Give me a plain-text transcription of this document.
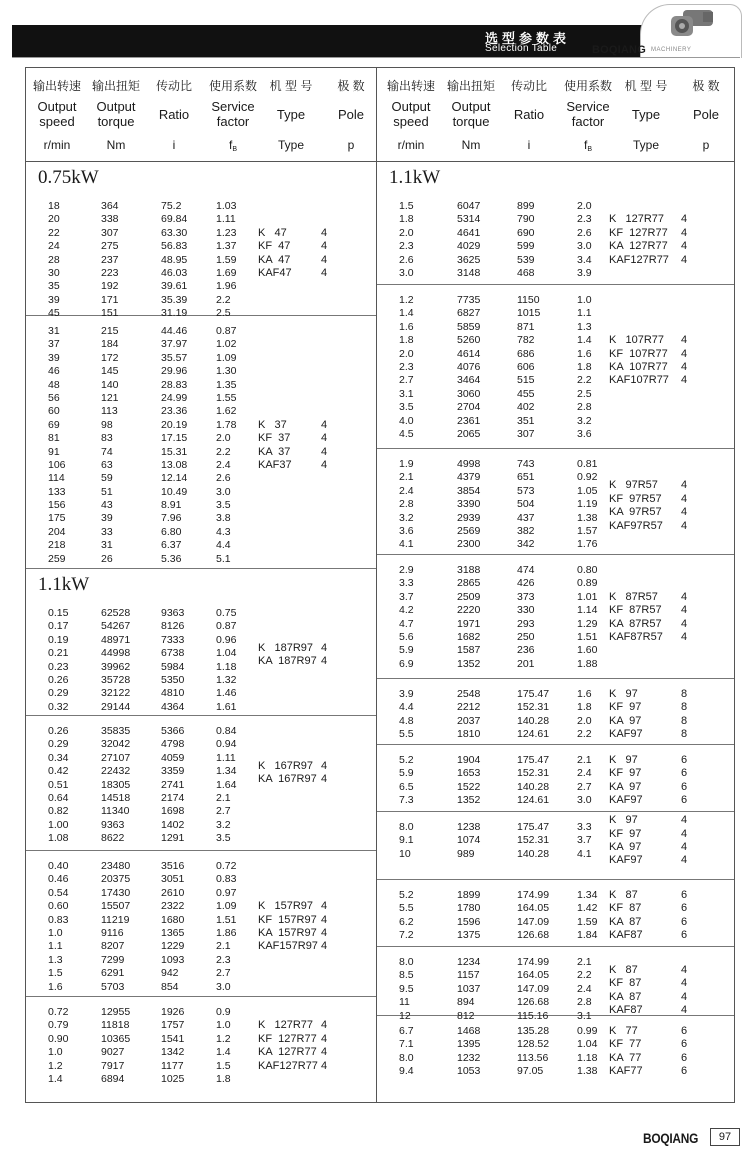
选型参数表
Selection Table	BOQIANG MACHINERY
输出转速
Output
speed
r/min
输出扭矩
Output
torque
Nm
传动比
Ratio
i
使用系数
Service
factor
$f_B$
机 型 号
Type
Type
极 数
Pole
p
输出转速
Output
speed
r/min
输出扭矩
Output
torque
Nm
传动比
Ratio
i
使用系数
Service
factor
$f_B$
机 型 号
Type
Type
极 数
Pole
p
0.75kW
18	364	75.2	1.03
20	338	69.84	1.11
22	307	63.30	1.23
24	275	56.83	1.37
28	237	48.95	1.59
30	223	46.03	1.69
35	192	39.61	1.96
39	171	35.39	2.2
45	151	31.19	2.5
K   47	4
KF  47	4
KA  47	4
KAF47	4
31	215	44.46	0.87
37	184	37.97	1.02
39	172	35.57	1.09
46	145	29.96	1.30
48	140	28.83	1.35
56	121	24.99	1.55
60	113	23.36	1.62
69	98	20.19	1.78
81	83	17.15	2.0
91	74	15.31	2.2
106	63	13.08	2.4
114	59	12.14	2.6
133	51	10.49	3.0
156	43	8.91	3.5
175	39	7.96	3.8
204	33	6.80	4.3
218	31	6.37	4.4
259	26	5.36	5.1
K   37	4
KF  37	4
KA  37	4
KAF37	4
1.1kW
0.15	62528	9363	0.75
0.17	54267	8126	0.87
0.19	48971	7333	0.96
0.21	44998	6738	1.04
0.23	39962	5984	1.18
0.26	35728	5350	1.32
0.29	32122	4810	1.46
0.32	29144	4364	1.61
K   187R97 4
KA  187R97 4
0.26	35835	5366	0.84
0.29	32042	4798	0.94
0.34	27107	4059	1.11
0.42	22432	3359	1.34
0.51	18305	2741	1.64
0.64	14518	2174	2.1
0.82	11340	1698	2.7
1.00	9363	1402	3.2
1.08	8622	1291	3.5
K   167R97 4
KA  167R97 4
0.40	23480	3516	0.72
0.46	20375	3051	0.83
0.54	17430	2610	0.97
0.60	15507	2322	1.09
0.83	11219	1680	1.51
1.0	9116	1365	1.86
1.1	8207	1229	2.1
1.3	7299	1093	2.3
1.5	6291	942	2.7
1.6	5703	854	3.0
K   157R97 4
KF  157R97 4
KA  157R97 4
KAF157R97 4
0.72	12955	1926	0.9
0.79	11818	1757	1.0
0.90	10365	1541	1.2
1.0	9027	1342	1.4
1.2	7917	1177	1.5
1.4	6894	1025	1.8
K   127R77 4
KF  127R77 4
KA  127R77 4
KAF127R77 4
1.1kW
1.5	6047	899	2.0
1.8	5314	790	2.3
2.0	4641	690	2.6
2.3	4029	599	3.0
2.6	3625	539	3.4
3.0	3148	468	3.9
K   127R77 4
KF  127R77 4
KA  127R77 4
KAF127R77 4
1.2	7735	1150	1.0
1.4	6827	1015	1.1
1.6	5859	871	1.3
1.8	5260	782	1.4
2.0	4614	686	1.6
2.3	4076	606	1.8
2.7	3464	515	2.2
3.1	3060	455	2.5
3.5	2704	402	2.8
4.0	2361	351	3.2
4.5	2065	307	3.6
K   107R77 4
KF  107R77 4
KA  107R77 4
KAF107R77 4
1.9	4998	743	0.81
2.1	4379	651	0.92
2.4	3854	573	1.05
2.8	3390	504	1.19
3.2	2939	437	1.38
3.6	2569	382	1.57
4.1	2300	342	1.76
K   97R57 4
KF  97R57 4
KA  97R57 4
KAF97R57 4
2.9	3188	474	0.80
3.3	2865	426	0.89
3.7	2509	373	1.01
4.2	2220	330	1.14
4.7	1971	293	1.29
5.6	1682	250	1.51
5.9	1587	236	1.60
6.9	1352	201	1.88
K   87R57 4
KF  87R57 4
KA  87R57 4
KAF87R57 4
3.9	2548	175.47	1.6
4.4	2212	152.31	1.8
4.8	2037	140.28	2.0
5.5	1810	124.61	2.2
K   97	8
KF  97	8
KA  97	8
KAF97	8
5.2	1904	175.47	2.1
5.9	1653	152.31	2.4
6.5	1522	140.28	2.7
7.3	1352	124.61	3.0
K   97	6
KF  97	6
KA  97	6
KAF97	6
8.0	1238	175.47	3.3
9.1	1074	152.31	3.7
10	989	140.28	4.1
K   97	4
KF  97	4
KA  97	4
KAF97	4
5.2	1899	174.99	1.34
5.5	1780	164.05	1.42
6.2	1596	147.09	1.59
7.2	1375	126.68	1.84
K   87	6
KF  87	6
KA  87	6
KAF87	6
8.0	1234	174.99	2.1
8.5	1157	164.05	2.2
9.5	1037	147.09	2.4
11	894	126.68	2.8
12	812	115.16	3.1
K   87	4
KF  87	4
KA  87	4
KAF87	4
6.7	1468	135.28	0.99
7.1	1395	128.52	1.04
8.0	1232	113.56	1.18
9.4	1053	97.05	1.38
K   77	6
KF  77	6
KA  77	6
KAF77	6
BOQIANG	97
